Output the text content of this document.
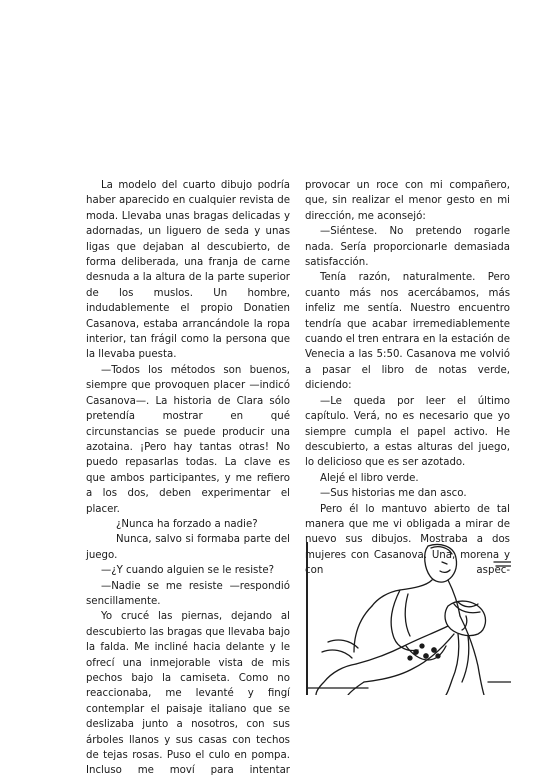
La modelo del cuarto dibujo podría haber aparecido en cualquier revista de moda. Llevaba unas bragas delicadas y adornadas, un liguero de seda y unas ligas que dejaban al descubierto, de forma deliberada, una franja de carne desnuda a la altura de la parte superior de los muslos. Un hombre, indudablemente el propio Donatien Casanova, estaba arrancándole la ropa interior, tan frágil como la persona que la llevaba puesta.

—Todos los métodos son buenos, siempre que provoquen placer —indicó Casanova—. La historia de Clara sólo pretendía mostrar en qué circunstancias se puede producir una azotaina. ¡Pero hay tantas otras! No puedo repasarlas todas. La clave es que ambos participantes, y me refiero a los dos, deben experimentar el placer.

¿Nunca ha forzado a nadie?

Nunca, salvo si formaba parte del juego.

—¿Y cuando alguien se le resiste?

—Nadie se me resiste —respondió sencillamente.

Yo crucé las piernas, dejando al descubierto las bragas que llevaba bajo la falda. Me incliné hacia delante y le ofrecí una inmejorable vista de mis pechos bajo la camiseta. Como no reaccionaba, me levanté y fingí contemplar el paisaje italiano que se deslizaba junto a nosotros, con sus árboles llanos y sus casas con techos de tejas rosas. Puso el culo en pompa. Incluso me moví para intentar

provocar un roce con mi compañero, que, sin realizar el menor gesto en mi dirección, me aconsejó:

—Siéntese. No pretendo rogarle nada. Sería proporcionarle demasiada satisfacción.

Tenía razón, naturalmente. Pero cuanto más nos acercábamos, más infeliz me sentía. Nuestro encuentro tendría que acabar irremediablemente cuando el tren entrara en la estación de Venecia a las 5:50. Casanova me volvió a pasar el libro de notas verde, diciendo:

—Le queda por leer el último capítulo. Verá, no es necesario que yo siempre cumpla el papel activo. He descubierto, a estas alturas del juego, lo delicioso que es ser azotado.

Alejé el libro verde.

—Sus historias me dan asco.

Pero él lo mantuvo abierto de tal manera que me vi obligada a mirar de nuevo sus dibujos. Mostraba a dos mujeres con Casanova. Una, morena y con aspec-
